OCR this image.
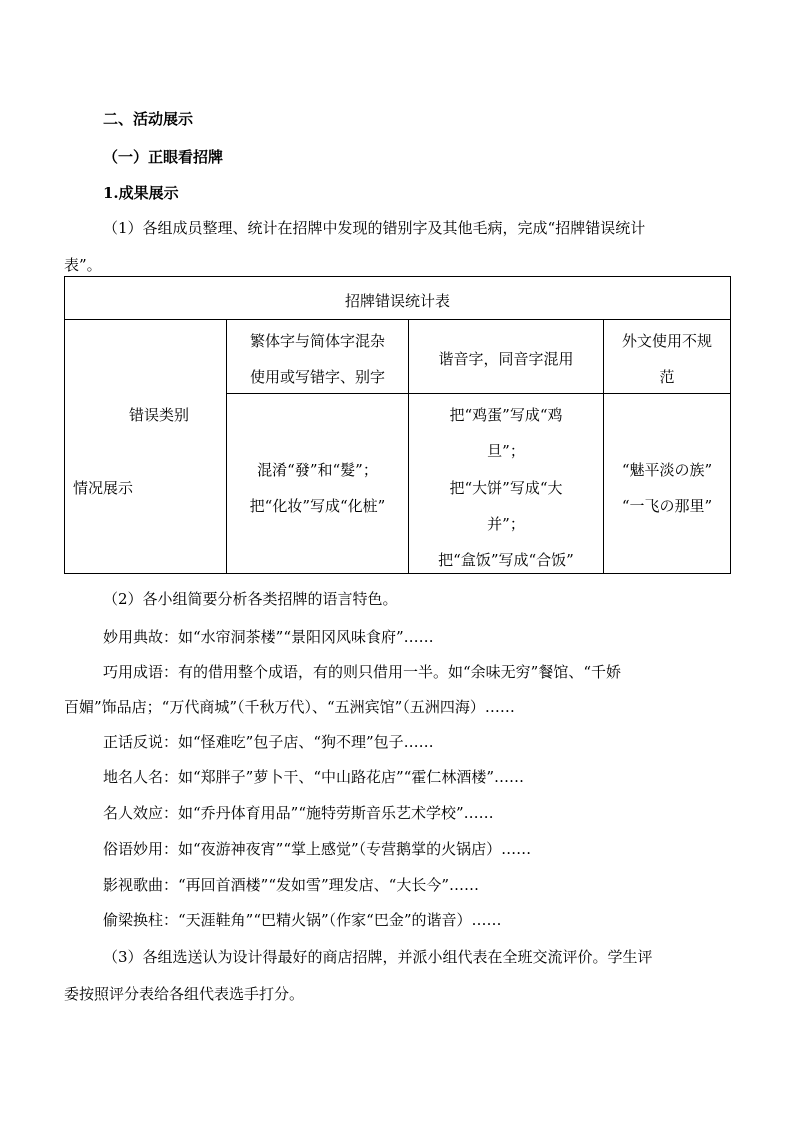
二、活动展示
（一）正眼看招牌
1.成果展示
（1）各组成员整理、统计在招牌中发现的错别字及其他毛病，完成“招牌错误统计
表”。
招牌错误统计表
错误类别
情况展示
繁体字与简体字混杂
使用或写错字、别字
谐音字，同音字混用
外文使用不规
范
混淆“發”和“髮”；
把“化妆”写成“化桩”
把“鸡蛋”写成“鸡
旦”；
把“大饼”写成“大
并”；
把“盒饭”写成“合饭”
“魅平淡の族”
“一飞の那里”
（2）各小组简要分析各类招牌的语言特色。
妙用典故：如“水帘洞茶楼”“景阳冈风味食府”……
巧用成语：有的借用整个成语，有的则只借用一半。如“余味无穷”餐馆、“千娇
百媚”饰品店；“万代商城”（千秋万代）、“五洲宾馆”（五洲四海）……
正话反说：如“怪难吃”包子店、“狗不理”包子……
地名人名：如“郑胖子”萝卜干、“中山路花店”“霍仁林酒楼”……
名人效应：如“乔丹体育用品”“施特劳斯音乐艺术学校”……
俗语妙用：如“夜游神夜宵”“掌上感觉”（专营鹅掌的火锅店）……
影视歌曲：“再回首酒楼”“发如雪”理发店、“大长今”……
偷梁换柱：“天涯鞋角”“巴精火锅”（作家“巴金”的谐音）……
（3）各组选送认为设计得最好的商店招牌，并派小组代表在全班交流评价。学生评
委按照评分表给各组代表选手打分。
